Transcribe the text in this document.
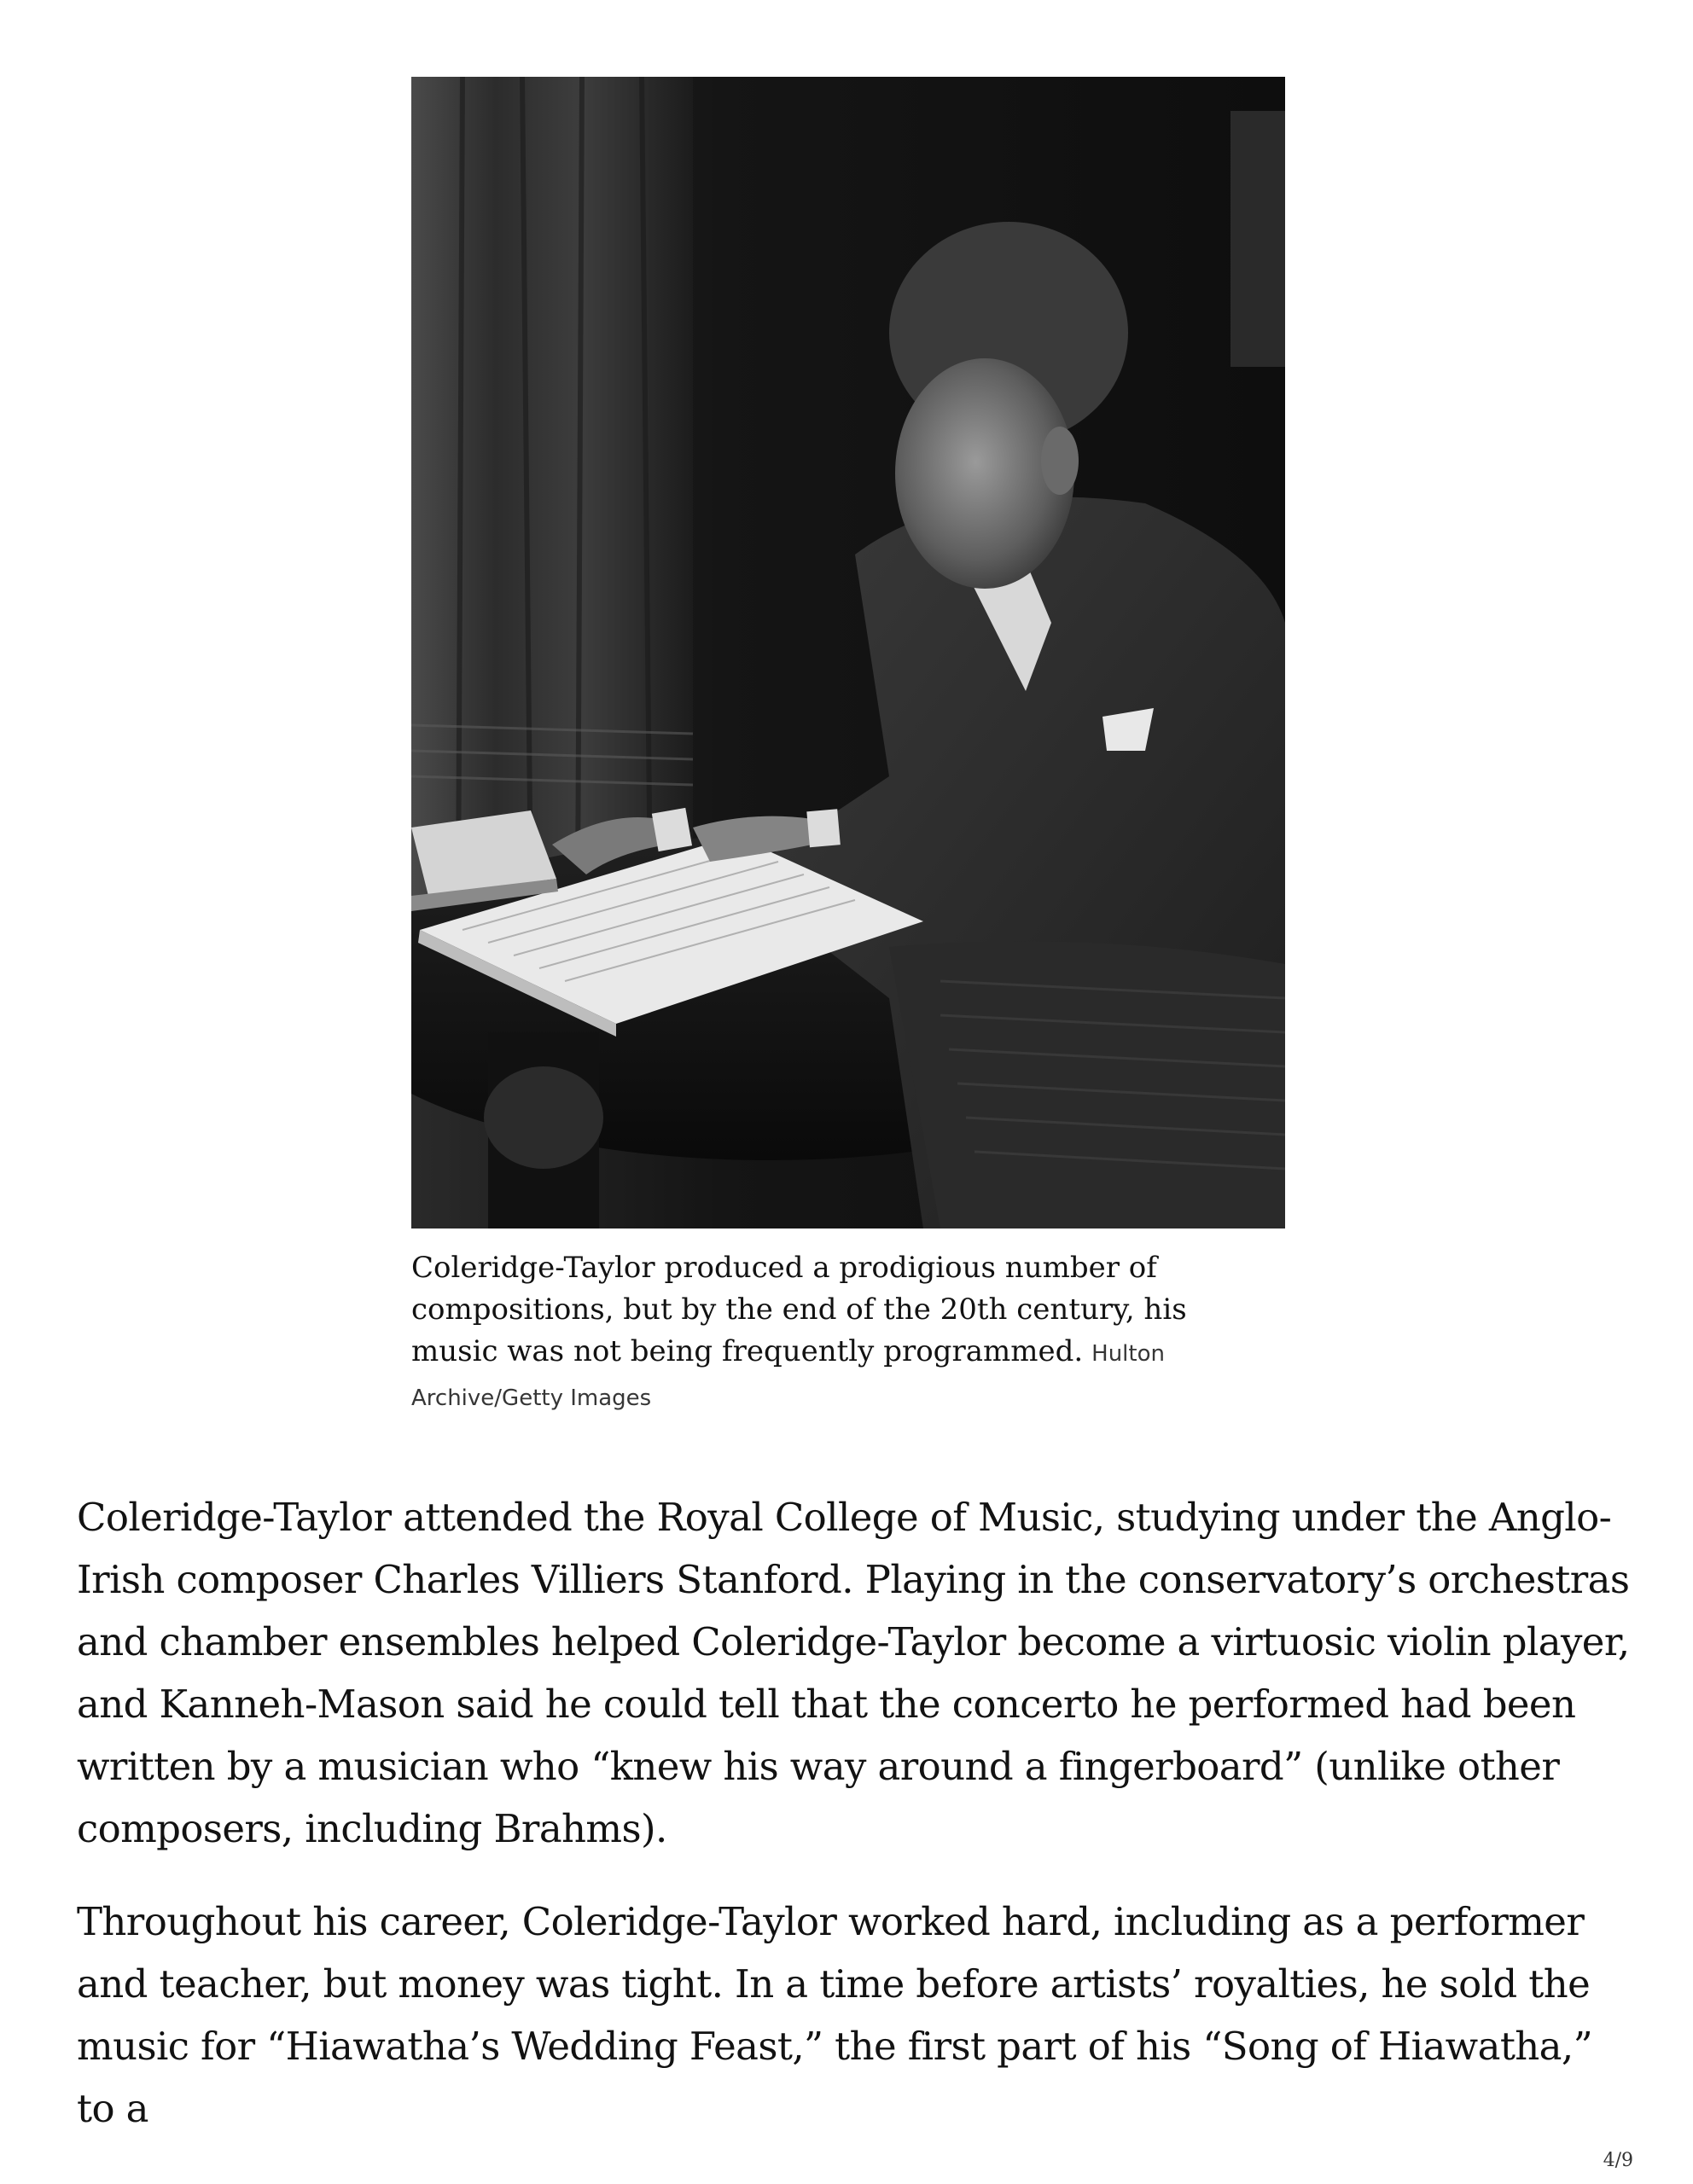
Coleridge-Taylor produced a prodigious number of compositions, but by the end of the 20th century, his music was not being frequently programmed. Hulton Archive/Getty Images

Coleridge-Taylor attended the Royal College of Music, studying under the Anglo-Irish composer Charles Villiers Stanford. Playing in the conservatory’s orchestras and chamber ensembles helped Coleridge-Taylor become a virtuosic violin player, and Kanneh-Mason said he could tell that the concerto he performed had been written by a musician who “knew his way around a fingerboard” (unlike other composers, including Brahms).

Throughout his career, Coleridge-Taylor worked hard, including as a performer and teacher, but money was tight. In a time before artists’ royalties, he sold the music for “Hiawatha’s Wedding Feast,” the first part of his “Song of Hiawatha,” to a

4/9
